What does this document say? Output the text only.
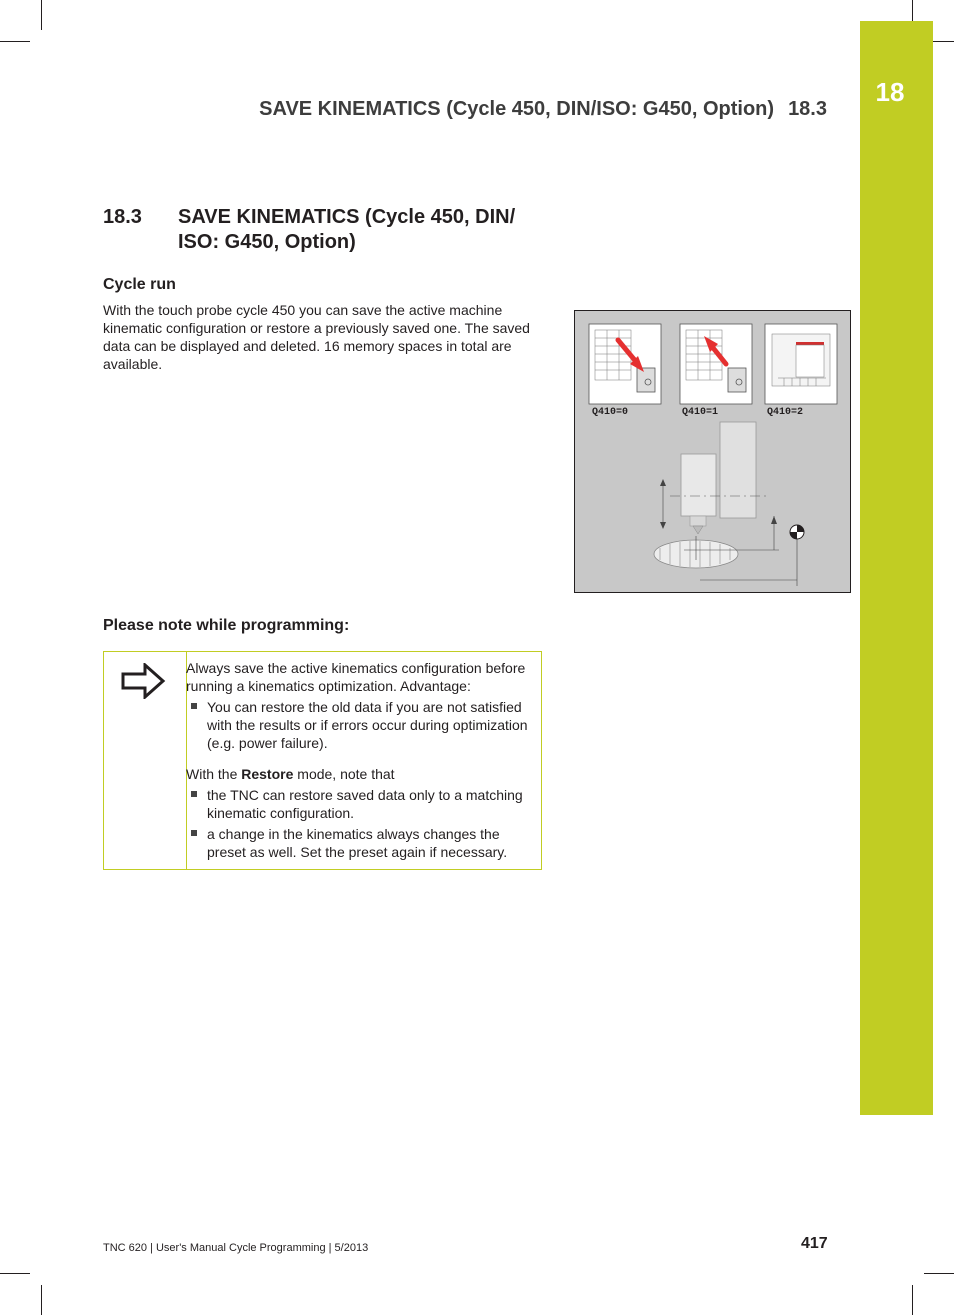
18
SAVE KINEMATICS (Cycle 450, DIN/ISO: G450, Option) 18.3
18.3 SAVE KINEMATICS (Cycle 450, DIN/ ISO: G450, Option)
Cycle run

With the touch probe cycle 450 you can save the active machine kinematic configuration or restore a previously saved one. The saved data can be displayed and deleted. 16 memory spaces in total are available.

Q410=0	Q410=1	Q410=2
Please note while programming:

Always save the active kinematics configuration before running a kinematics optimization. Advantage:

You can restore the old data if you are not satisfied with the results or if errors occur during optimization (e.g. power failure).

With the Restore mode, note that

the TNC can restore saved data only to a matching kinematic configuration.
a change in the kinematics always changes the preset as well. Set the preset again if necessary.
TNC 620 | User's Manual Cycle Programming | 5/2013	417
